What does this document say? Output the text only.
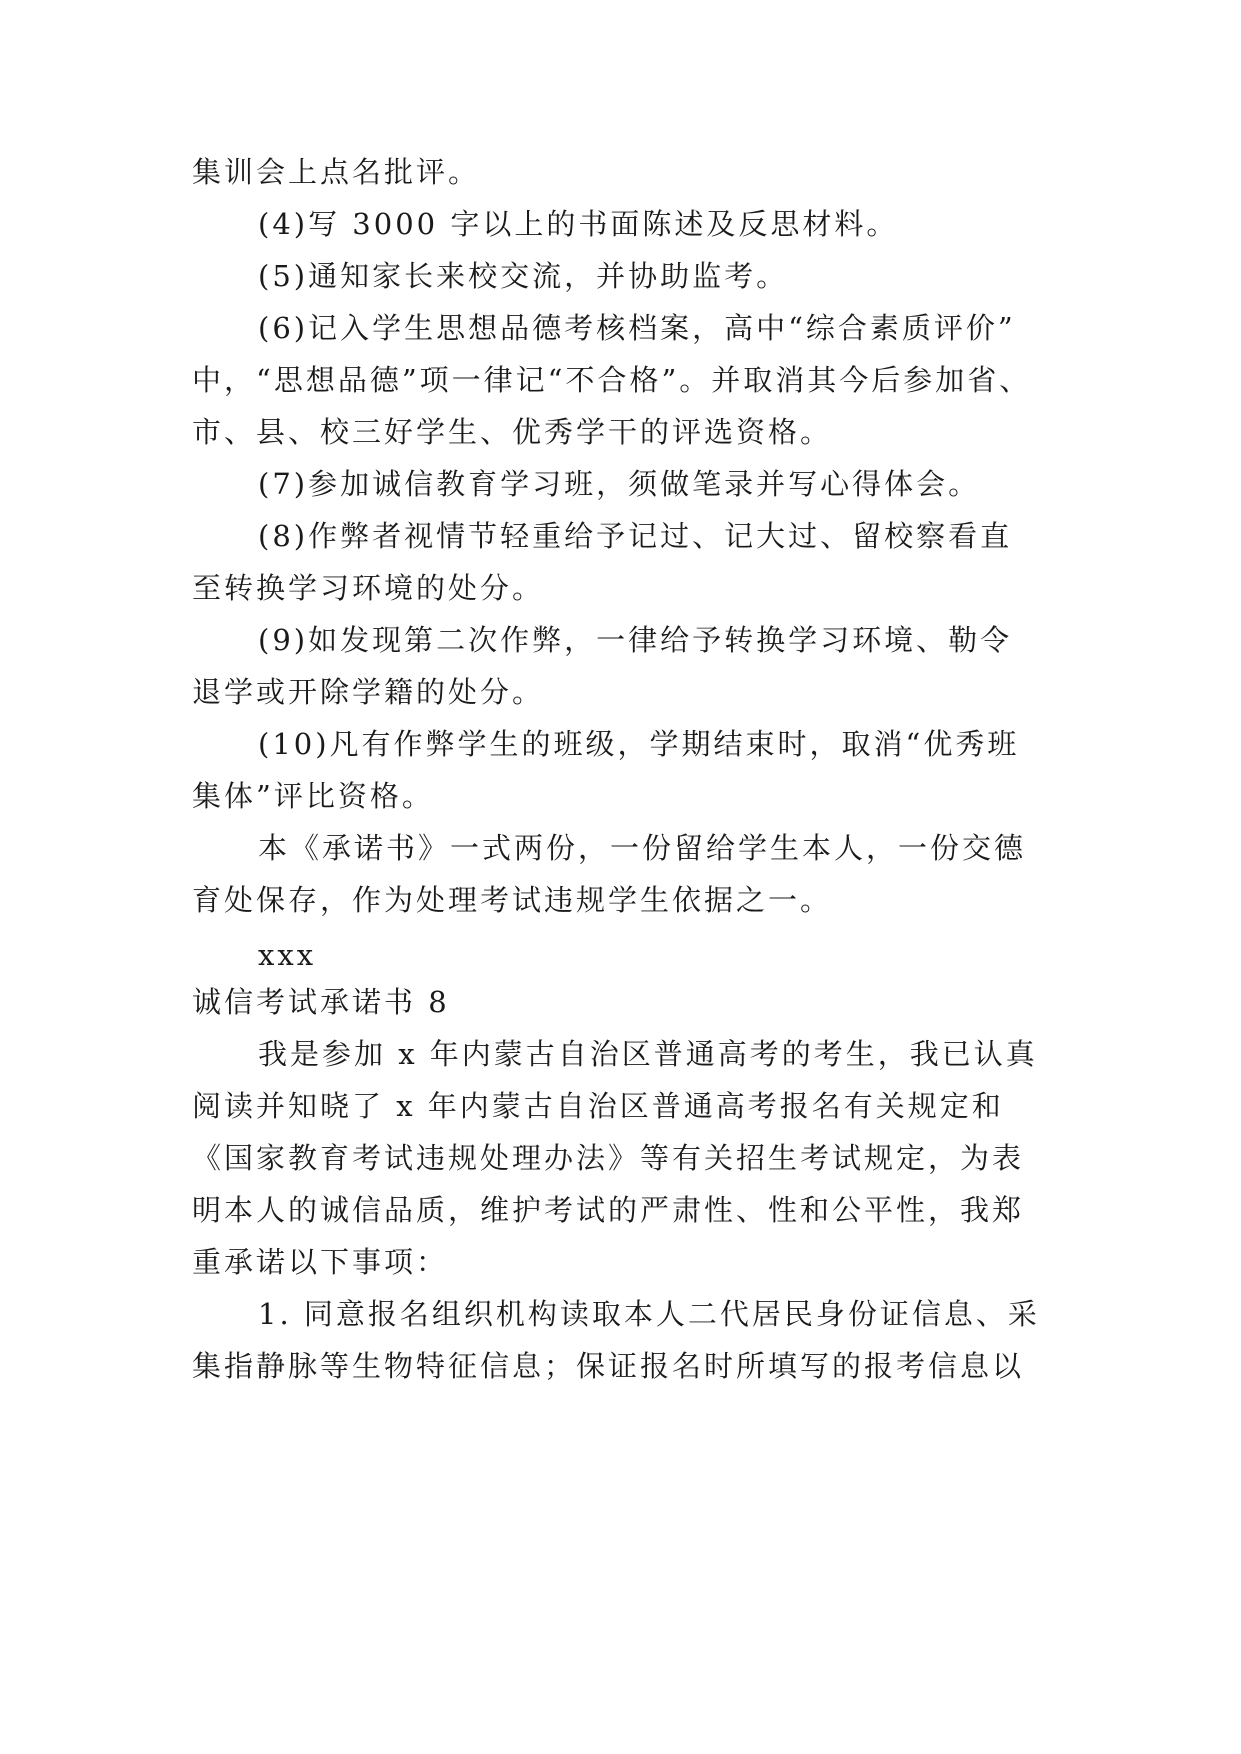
集训会上点名批评。
(4)写 3000 字以上的书面陈述及反思材料。
(5)通知家长来校交流，并协助监考。
(6)记入学生思想品德考核档案，高中“综合素质评价”
中，“思想品德”项一律记“不合格”。并取消其今后参加省、
市、县、校三好学生、优秀学干的评选资格。
(7)参加诚信教育学习班，须做笔录并写心得体会。
(8)作弊者视情节轻重给予记过、记大过、留校察看直
至转换学习环境的处分。
(9)如发现第二次作弊，一律给予转换学习环境、勒令
退学或开除学籍的处分。
(10)凡有作弊学生的班级，学期结束时，取消“优秀班
集体”评比资格。
本《承诺书》一式两份，一份留给学生本人，一份交德
育处保存，作为处理考试违规学生依据之一。
xxx
诚信考试承诺书 8
我是参加 x 年内蒙古自治区普通高考的考生，我已认真
阅读并知晓了 x 年内蒙古自治区普通高考报名有关规定和
《国家教育考试违规处理办法》等有关招生考试规定，为表
明本人的诚信品质，维护考试的严肃性、性和公平性，我郑
重承诺以下事项：
1. 同意报名组织机构读取本人二代居民身份证信息、采
集指静脉等生物特征信息；保证报名时所填写的报考信息以
